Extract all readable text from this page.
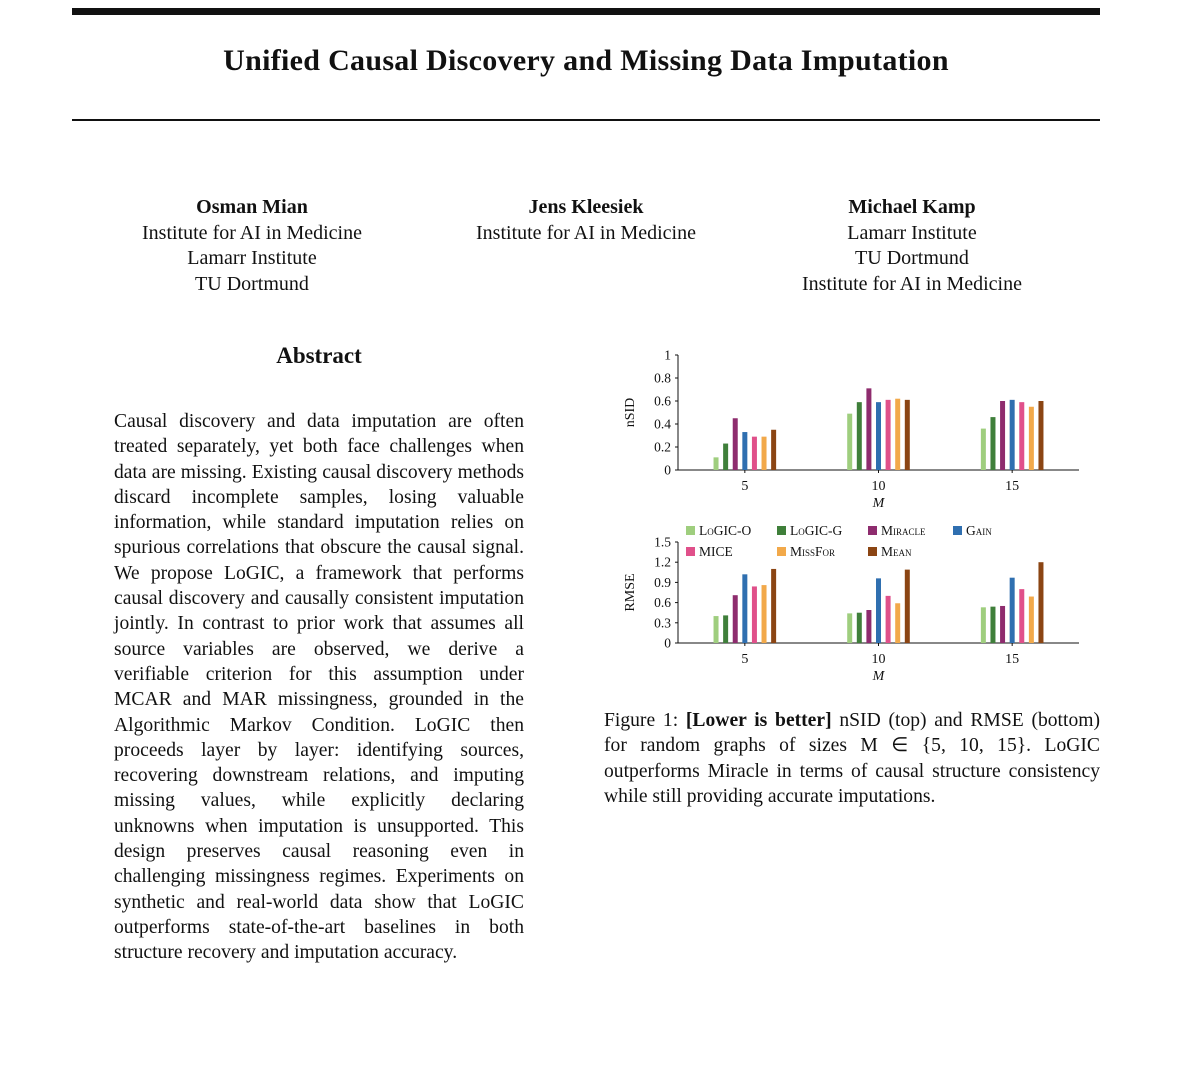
Unified Causal Discovery and Missing Data Imputation
Osman Mian
Institute for AI in Medicine
Lamarr Institute
TU Dortmund
Jens Kleesiek
Institute for AI in Medicine
Michael Kamp
Lamarr Institute
TU Dortmund
Institute for AI in Medicine
Abstract
Causal discovery and data imputation are often treated separately, yet both face challenges when data are missing. Existing causal discovery methods discard incomplete samples, losing valuable information, while standard imputation relies on spurious correlations that obscure the causal signal. We propose LoGIC, a framework that performs causal discovery and causally consistent imputation jointly. In contrast to prior work that assumes all source variables are observed, we derive a verifiable criterion for this assumption under MCAR and MAR missingness, grounded in the Algorithmic Markov Condition. LoGIC then proceeds layer by layer: identifying sources, recovering downstream relations, and imputing missing values, while explicitly declaring unknowns when imputation is unsupported. This design preserves causal reasoning even in challenging missingness regimes. Experiments on synthetic and real-world data show that LoGIC outperforms state-of-the-art baselines in both structure recovery and imputation accuracy.
0
0.2
0.4
0.6
0.8
1
nSID
5	10	15
M
0
0.3
0.6
0.9
1.2
1.5
RMSE
5	10	15
M
LoGIC-O	LoGIC-G	Miracle	Gain
MICE	MissFor	Mean
Figure 1: [Lower is better] nSID (top) and RMSE (bottom) for random graphs of sizes M ∈ {5, 10, 15}. LoGIC outperforms Miracle in terms of causal structure consistency while still providing accurate imputations.
